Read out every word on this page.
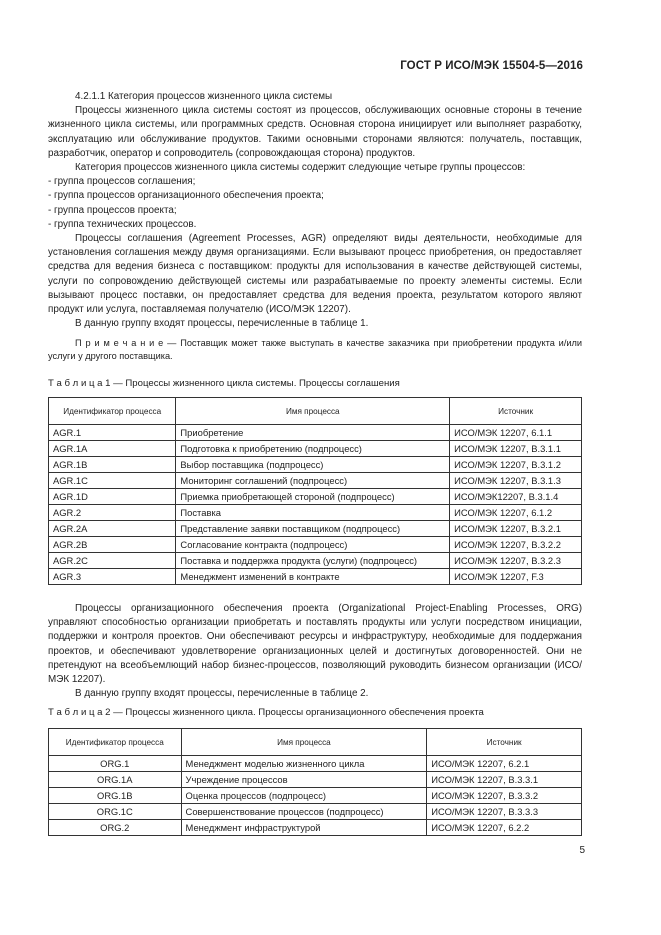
ГОСТ Р ИСО/МЭК 15504-5—2016

4.2.1.1 Категория процессов жизненного цикла системы

Процессы жизненного цикла системы состоят из процессов, обслуживающих основные стороны в течение жизненного цикла системы, или программных средств. Основная сторона инициирует или выполняет разработку, эксплуатацию или обслуживание продуктов. Такими основными сторонами являются: получатель, поставщик, разработчик, оператор и сопроводитель (сопровождающая сторона) продуктов.

Категория процессов жизненного цикла системы содержит следующие четыре группы процессов:

- группа процессов соглашения;

- группа процессов организационного обеспечения проекта;

- группа процессов проекта;

- группа технических процессов.

Процессы соглашения (Agreement Processes, AGR) определяют виды деятельности, необходимые для установления соглашения между двумя организациями. Если вызывают процесс приобретения, он предоставляет средства для ведения бизнеса с поставщиком: продукты для использования в качестве действующей системы, услуги по сопровождению действующей системы или разрабатываемые по проекту элементы системы. Если вызывают процесс поставки, он предоставляет средства для ведения проекта, результатом которого являют продукт или услуга, поставляемая получателю (ИСО/МЭК 12207).

В данную группу входят процессы, перечисленные в таблице 1.

П р и м е ч а н и е — Поставщик может также выступать в качестве заказчика при приобретении продукта и/или услуги у другого поставщика.

Т а б л и ц а 1 — Процессы жизненного цикла системы. Процессы соглашения
Идентификатор процесса	Имя процесса	Источник
AGR.1	Приобретение	ИСО/МЭК 12207, 6.1.1
AGR.1A	Подготовка к приобретению (подпроцесс)	ИСО/МЭК 12207, В.3.1.1
AGR.1B	Выбор поставщика (подпроцесс)	ИСО/МЭК 12207, В.3.1.2
AGR.1C	Мониторинг соглашений (подпроцесс)	ИСО/МЭК 12207, В.3.1.3
AGR.1D	Приемка приобретающей стороной (подпроцесс)	ИСО/МЭК12207, В.3.1.4
AGR.2	Поставка	ИСО/МЭК 12207, 6.1.2
AGR.2A	Представление заявки поставщиком (подпроцесс)	ИСО/МЭК 12207, В.3.2.1
AGR.2B	Согласование контракта (подпроцесс)	ИСО/МЭК 12207, В.3.2.2
AGR.2C	Поставка и поддержка продукта (услуги) (подпроцесс)	ИСО/МЭК 12207, В.3.2.3
AGR.3	Менеджмент изменений в контракте	ИСО/МЭК 12207, F.3

Процессы организационного обеспечения проекта (Organizational Project-Enabling Processes, ORG) управляют способностью организации приобретать и поставлять продукты или услуги посредством инициации, поддержки и контроля проектов. Они обеспечивают ресурсы и инфраструктуру, необходимые для поддержания проектов, и обеспечивают удовлетворение организационных целей и достигнутых договоренностей. Они не претендуют на всеобъемлющий набор бизнес-процессов, позволяющий руководить бизнесом организации (ИСО/МЭК 12207).

В данную группу входят процессы, перечисленные в таблице 2.

Т а б л и ц а 2 — Процессы жизненного цикла. Процессы организационного обеспечения проекта
Идентификатор процесса	Имя процесса	Источник
ORG.1	Менеджмент моделью жизненного цикла	ИСО/МЭК 12207, 6.2.1
ORG.1A	Учреждение процессов	ИСО/МЭК 12207, В.3.3.1
ORG.1B	Оценка процессов (подпроцесс)	ИСО/МЭК 12207, В.3.3.2
ORG.1C	Совершенствование процессов (подпроцесс)	ИСО/МЭК 12207, В.3.3.3
ORG.2	Менеджмент инфраструктурой	ИСО/МЭК 12207, 6.2.2
5
